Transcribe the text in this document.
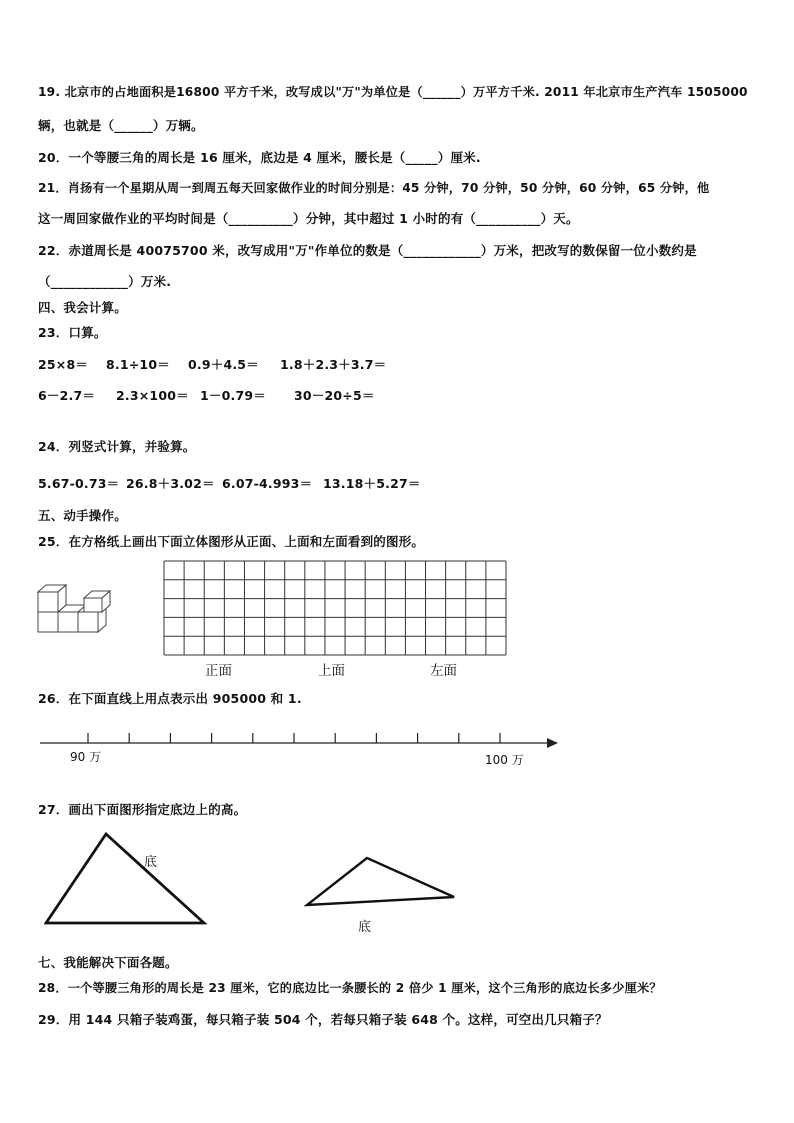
19. 北京市的占地面积是16800 平方千米，改写成以"万"为单位是（______）万平方千米. 2011 年北京市生产汽车 1505000
辆，也就是（______）万辆。
20．一个等腰三角的周长是 16 厘米，底边是 4 厘米，腰长是（_____）厘米.
21．肖扬有一个星期从周一到周五每天回家做作业的时间分别是：45 分钟，70 分钟，50 分钟，60 分钟，65 分钟，他
这一周回家做作业的平均时间是（__________）分钟，其中超过 1 小时的有（__________）天。
22．赤道周长是 40075700 米，改写成用"万"作单位的数是（____________）万米，把改写的数保留一位小数约是
（____________）万米.
四、我会计算。
23．口算。
25×8＝ 8.1÷10＝ 0.9＋4.5＝ 1.8＋2.3＋3.7＝
6－2.7＝ 2.3×100＝ 1－0.79＝ 30－20÷5＝
24．列竖式计算，并验算。
5.67-0.73＝ 26.8＋3.02＝ 6.07-4.993＝ 13.18＋5.27＝
五、动手操作。
25．在方格纸上画出下面立体图形从正面、上面和左面看到的图形。
正面	上面	左面
26．在下面直线上用点表示出 905000 和 1.
90 万	100 万
27．画出下面图形指定底边上的高。
底
底
七、我能解决下面各题。
28．一个等腰三角形的周长是 23 厘米，它的底边比一条腰长的 2 倍少 1 厘米，这个三角形的底边长多少厘米？
29．用 144 只箱子装鸡蛋，每只箱子装 504 个，若每只箱子装 648 个。这样，可空出几只箱子？
